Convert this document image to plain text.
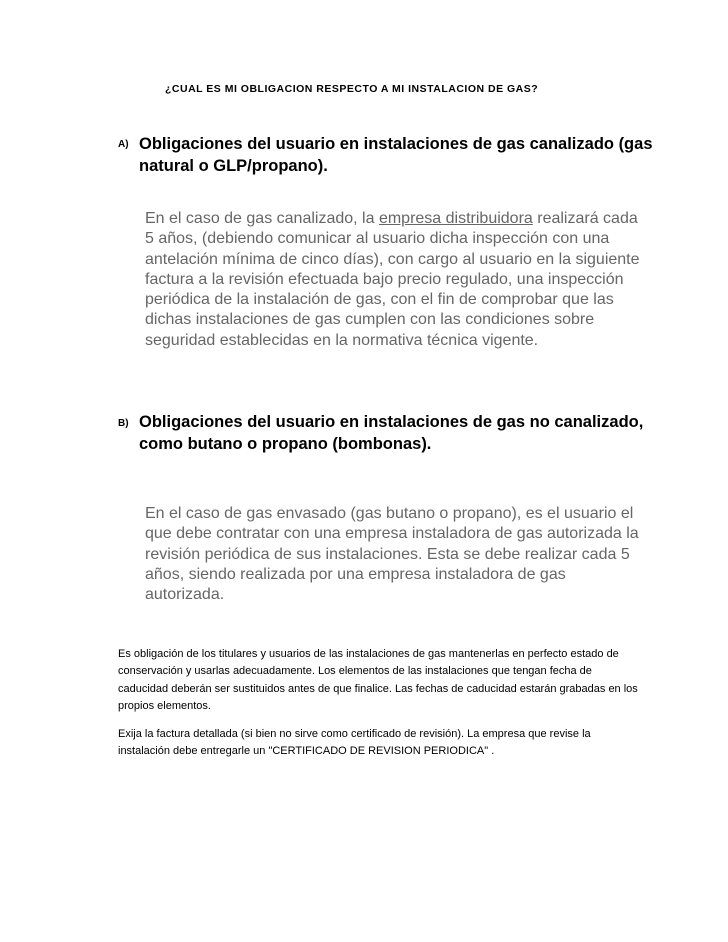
¿CUAL ES MI OBLIGACION RESPECTO A MI INSTALACION DE GAS?
A) Obligaciones del usuario en instalaciones de gas canalizado (gas natural o GLP/propano).
En el caso de gas canalizado, la empresa distribuidora realizará cada 5 años, (debiendo comunicar al usuario dicha inspección con una antelación mínima de cinco días), con cargo al usuario en la siguiente factura a la revisión efectuada bajo precio regulado, una inspección periódica de la instalación de gas, con el fin de comprobar que las dichas instalaciones de gas cumplen con las condiciones sobre seguridad establecidas en la normativa técnica vigente.
B) Obligaciones del usuario en instalaciones de gas no canalizado, como butano o propano (bombonas).
En el caso de gas envasado (gas butano o propano), es el usuario el que debe contratar con una empresa instaladora de gas autorizada la revisión periódica de sus instalaciones. Esta se debe realizar cada 5 años, siendo realizada por una empresa instaladora de gas autorizada.
Es obligación de los titulares y usuarios de las instalaciones de gas mantenerlas en perfecto estado de conservación y usarlas adecuadamente. Los elementos de las instalaciones que tengan fecha de caducidad deberán ser sustituidos antes de que finalice. Las fechas de caducidad estarán grabadas en los propios elementos.
Exija la factura detallada (si bien no sirve como certificado de revisión). La empresa que revise la instalación debe entregarle un "CERTIFICADO DE REVISION PERIODICA" .
